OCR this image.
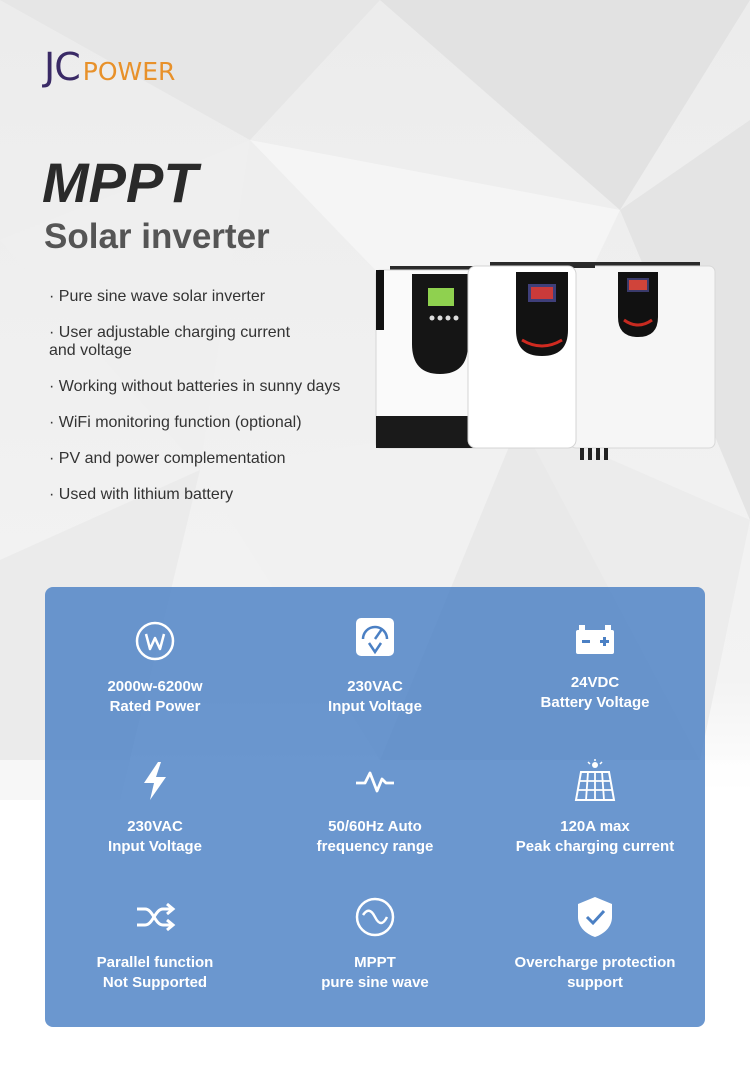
JC POWER
MPPT
Solar inverter
· Pure sine wave solar inverter
· User adjustable charging current and voltage
· Working without batteries in sunny days
· WiFi monitoring function (optional)
· PV and power complementation
· Used with lithium battery
2000w-6200w
Rated Power
230VAC
Input Voltage
24VDC
Battery Voltage
230VAC
Input Voltage
50/60Hz Auto
frequency range
120A max
Peak charging current
Parallel function
Not Supported
MPPT
pure sine wave
Overcharge protection
support
